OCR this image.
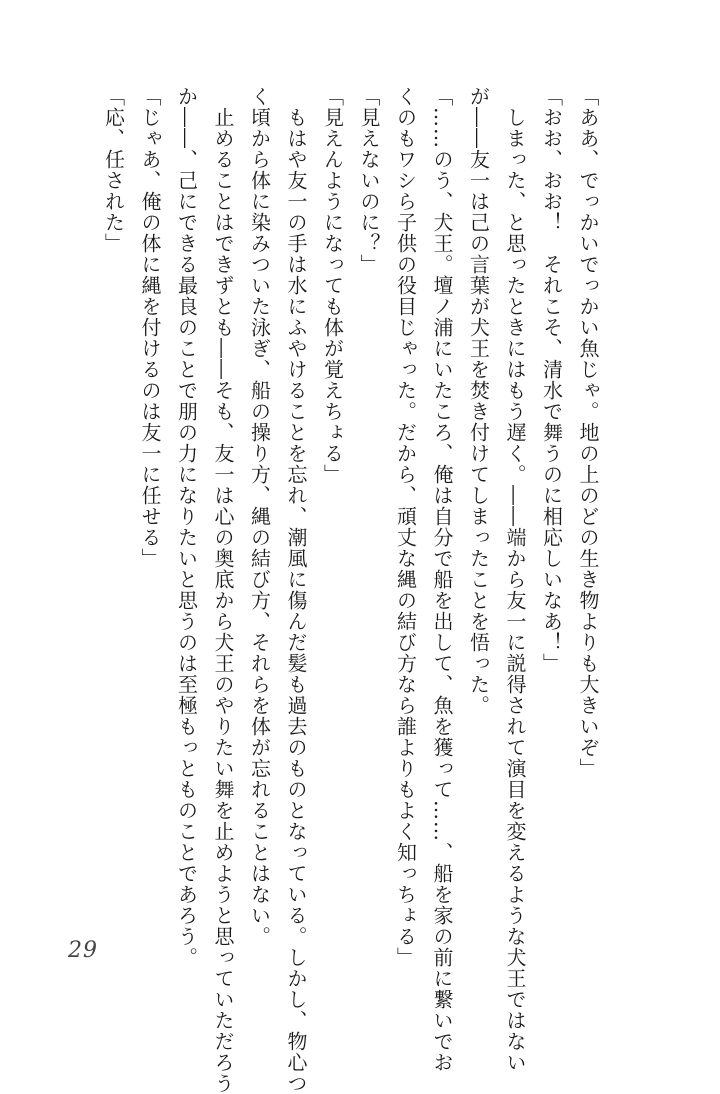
「ああ、でっかいでっかい魚じゃ。地の上のどの生き物よりも大きいぞ」
「おお、おお！　それこそ、清水で舞うのに相応しいなあ！」
　しまった、と思ったときにはもう遅く。――端から友一に説得されて演目を変えるような犬王ではない
が――友一は己の言葉が犬王を焚き付けてしまったことを悟った。
「……のう、犬王。壇ノ浦にいたころ、俺は自分で船を出して、魚を獲って……、船を家の前に繋いでお
くのもワシら子供の役目じゃった。だから、頑丈な縄の結び方なら誰よりもよく知っちょる」
「見えないのに？」
「見えんようになっても体が覚えちょる」
　もはや友一の手は水にふやけることを忘れ、潮風に傷んだ髪も過去のものとなっている。しかし、物心つ
く頃から体に染みついた泳ぎ、船の操り方、縄の結び方、それらを体が忘れることはない。
　止めることはできずとも――そも、友一は心の奥底から犬王のやりたい舞を止めようと思っていただろう
か――、己にできる最良のことで朋の力になりたいと思うのは至極もっとものことであろう。
「じゃあ、俺の体に縄を付けるのは友一に任せる」
「応、任された」
29
